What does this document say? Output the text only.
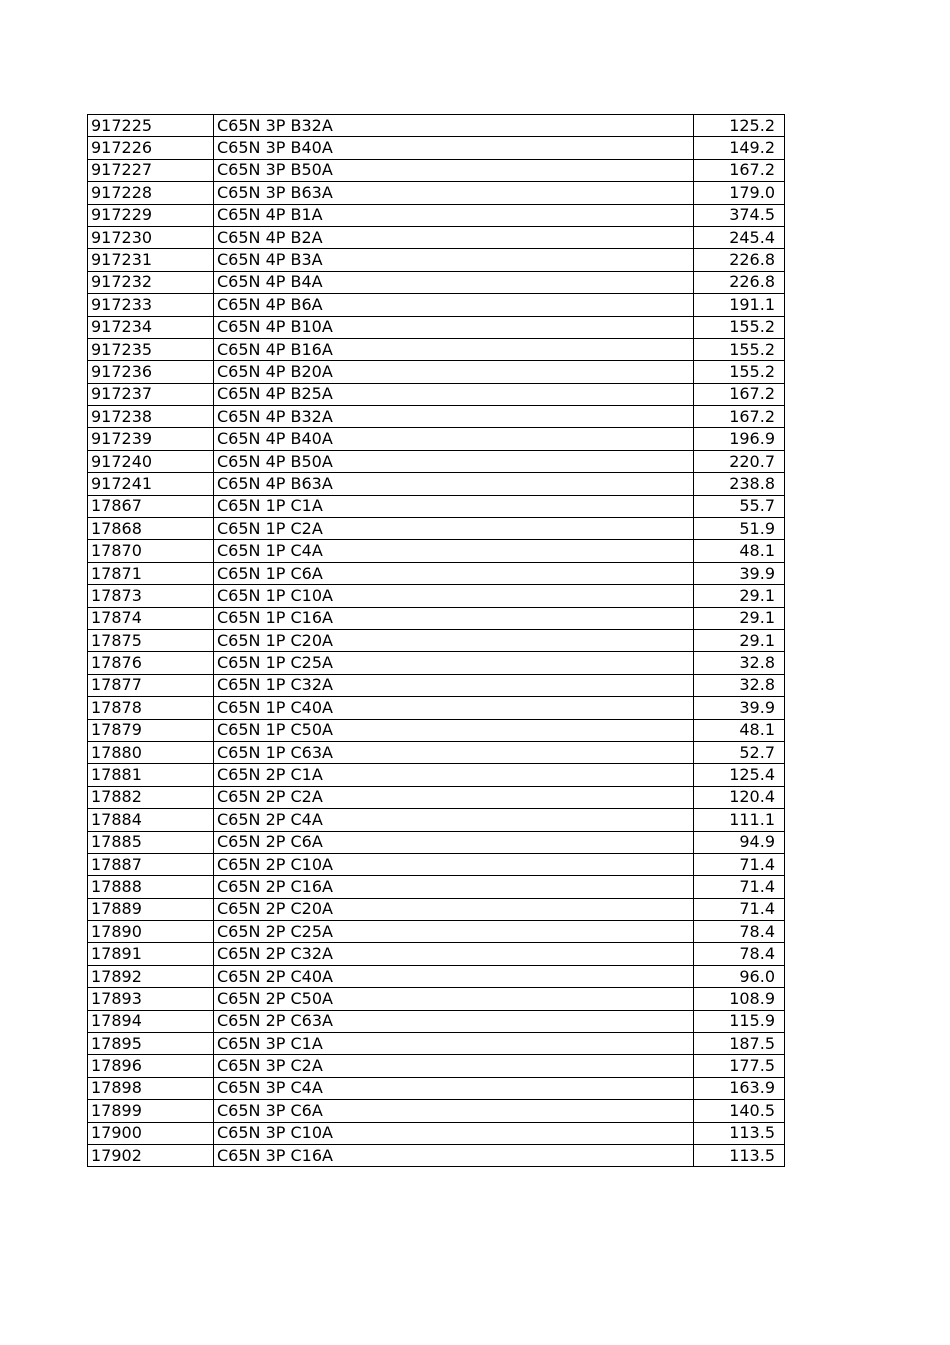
917225	C65N 3P B32A	125.2
917226	C65N 3P B40A	149.2
917227	C65N 3P B50A	167.2
917228	C65N 3P B63A	179.0
917229	C65N 4P B1A	374.5
917230	C65N 4P B2A	245.4
917231	C65N 4P B3A	226.8
917232	C65N 4P B4A	226.8
917233	C65N 4P B6A	191.1
917234	C65N 4P B10A	155.2
917235	C65N 4P B16A	155.2
917236	C65N 4P B20A	155.2
917237	C65N 4P B25A	167.2
917238	C65N 4P B32A	167.2
917239	C65N 4P B40A	196.9
917240	C65N 4P B50A	220.7
917241	C65N 4P B63A	238.8
17867	C65N 1P C1A	55.7
17868	C65N 1P C2A	51.9
17870	C65N 1P C4A	48.1
17871	C65N 1P C6A	39.9
17873	C65N 1P C10A	29.1
17874	C65N 1P C16A	29.1
17875	C65N 1P C20A	29.1
17876	C65N 1P C25A	32.8
17877	C65N 1P C32A	32.8
17878	C65N 1P C40A	39.9
17879	C65N 1P C50A	48.1
17880	C65N 1P C63A	52.7
17881	C65N 2P C1A	125.4
17882	C65N 2P C2A	120.4
17884	C65N 2P C4A	111.1
17885	C65N 2P C6A	94.9
17887	C65N 2P C10A	71.4
17888	C65N 2P C16A	71.4
17889	C65N 2P C20A	71.4
17890	C65N 2P C25A	78.4
17891	C65N 2P C32A	78.4
17892	C65N 2P C40A	96.0
17893	C65N 2P C50A	108.9
17894	C65N 2P C63A	115.9
17895	C65N 3P C1A	187.5
17896	C65N 3P C2A	177.5
17898	C65N 3P C4A	163.9
17899	C65N 3P C6A	140.5
17900	C65N 3P C10A	113.5
17902	C65N 3P C16A	113.5
